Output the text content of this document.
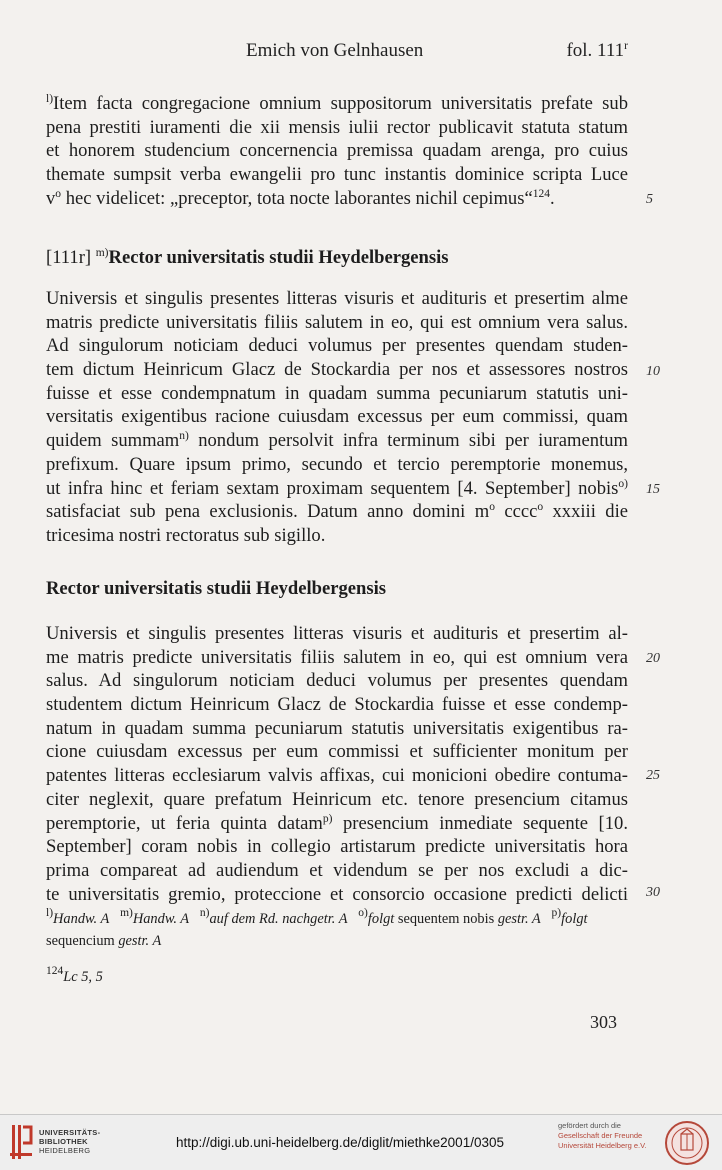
Emich von Gelnhausen	fol. 111$^r$
$^{l)}$Item facta congregacione omnium suppositorum universitatis prefate sub
pena prestiti iuramenti die xii mensis iulii rector publicavit statuta statum
et honorem studencium concernencia premissa quadam arenga, pro cuius
themate sumpsit verba ewangelii pro tunc instantis dominice scripta Luce
$v^o$ hec videlicet: „preceptor, tota nocte laborantes nichil cepimus“$^{124}$.
[111r] $^{m)}$Rector universitatis studii Heydelbergensis
Universis et singulis presentes litteras visuris et audituris et presertim alme
matris predicte universitatis filiis salutem in eo, qui est omnium vera salus.
Ad singulorum noticiam deduci volumus per presentes quendam studen-
tem dictum Heinricum Glacz de Stockardia per nos et assessores nostros
fuisse et esse condempnatum in quadam summa pecuniarum statutis uni-
versitatis exigentibus racione cuiusdam excessus per eum commissi, quam
quidem summam$^{n)}$ nondum persolvit infra terminum sibi per iuramentum
prefixum. Quare ipsum primo, secundo et tercio peremptorie monemus,
ut infra hinc et feriam sextam proximam sequentem [4. September] nobis$^{o)}$
satisfaciat sub pena exclusionis. Datum anno domini $m^o$ cccc$^o$ xxxiii die
tricesima nostri rectoratus sub sigillo.
Rector universitatis studii Heydelbergensis
Universis et singulis presentes litteras visuris et audituris et presertim al-
me matris predicte universitatis filiis salutem in eo, qui est omnium vera
salus. Ad singulorum noticiam deduci volumus per presentes quendam
studentem dictum Heinricum Glacz de Stockardia fuisse et esse condemp-
natum in quadam summa pecuniarum statutis universitatis exigentibus ra-
cione cuiusdam excessus per eum commissi et sufficienter monitum per
patentes litteras ecclesiarum valvis affixas, cui monicioni obedire contuma-
citer neglexit, quare prefatum Heinricum etc. tenore presencium citamus
peremptorie, ut feria quinta datam$^{p)}$ presencium inmediate sequente [10.
September] coram nobis in collegio artistarum predicte universitatis hora
prima compareat ad audiendum et videndum se per nos excludi a dic-
te universitatis gremio, proteccione et consorcio occasione predicti delicti
5
10
15
20
25
30
$^{l)}$Handw. A $^{m)}$Handw. A $^{n)}$auf dem Rd. nachgetr. A $^{o)}$folgt sequentem nobis gestr. A $^{p)}$folgt
sequencium gestr. A
$^{124}$Lc 5, 5
303
UNIVERSITÄTS-
BIBLIOTHEK
HEIDELBERG
http://digi.ub.uni-heidelberg.de/diglit/miethke2001/0305
gefördert durch die
Gesellschaft der Freunde
Universität Heidelberg e.V.
